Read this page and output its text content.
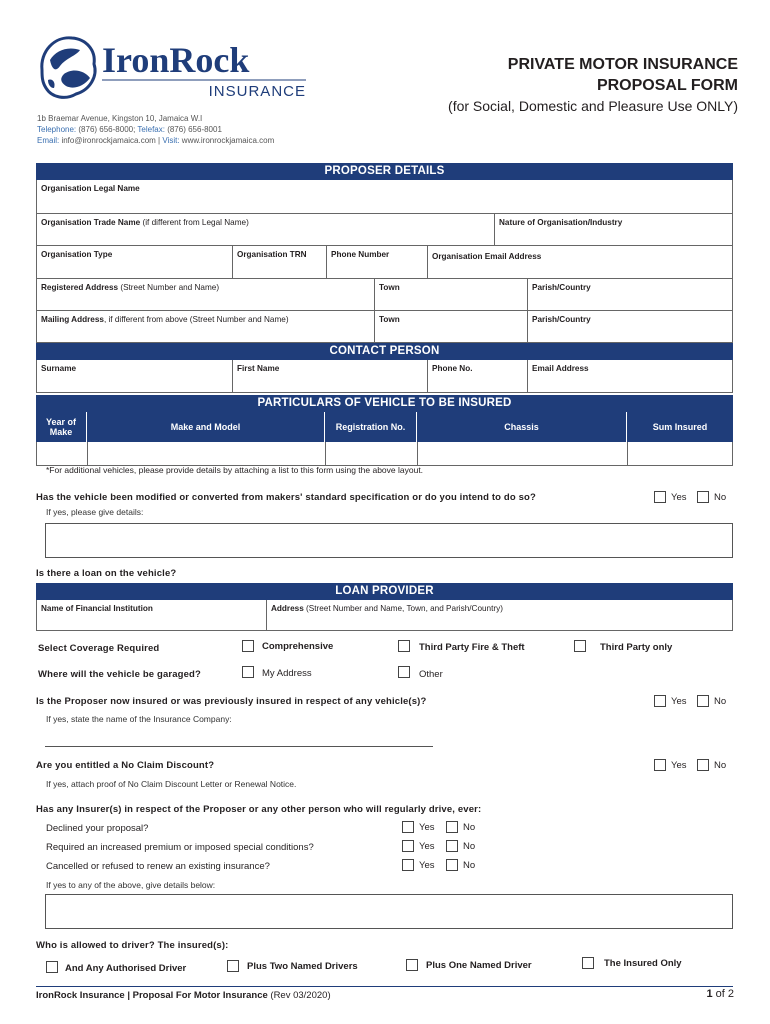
IronRock
INSURANCE
1b Braemar Avenue, Kingston 10, Jamaica W.I
Telephone: (876) 656-8000; Telefax: (876) 656-8001
Email: info@ironrockjamaica.com | Visit: www.ironrockjamaica.com
PRIVATE MOTOR INSURANCE
PROPOSAL FORM
(for Social, Domestic and Pleasure Use ONLY)
PROPOSER DETAILS
Organisation Legal Name
Organisation Trade Name (if different from Legal Name)	Nature of Organisation/Industry
Organisation Type	Organisation TRN	Phone Number	Organisation Email Address
Registered Address (Street Number and Name)	Town	Parish/Country
Mailing Address, if different from above (Street Number and Name)	Town	Parish/Country
CONTACT PERSON
Surname	First Name	Phone No.	Email Address
PARTICULARS OF VEHICLE TO BE INSURED
Year of Make	Make and Model	Registration No.	Chassis	Sum Insured
*For additional vehicles, please provide details by attaching a list to this form using the above layout.
Has the vehicle been modified or converted from makers' standard specification or do you intend to do so?	Yes	No
If yes, please give details:
Is there a loan on the vehicle?
LOAN PROVIDER
Name of Financial Institution	Address (Street Number and Name, Town, and Parish/Country)
Select Coverage Required	Comprehensive	Third Party Fire & Theft	Third Party only
Where will the vehicle be garaged?	My Address	Other
Is the Proposer now insured or was previously insured in respect of any vehicle(s)?	Yes	No
If yes, state the name of the Insurance Company:
Are you entitled a No Claim Discount?	Yes	No
If yes, attach proof of No Claim Discount Letter or Renewal Notice.
Has any Insurer(s) in respect of the Proposer or any other person who will regularly drive, ever:
Declined your proposal?	Yes	No
Required an increased premium or imposed special conditions?	Yes	No
Cancelled or refused to renew an existing insurance?	Yes	No
If yes to any of the above, give details below:
Who is allowed to driver? The insured(s):
And Any Authorised Driver	Plus Two Named Drivers	Plus One Named Driver	The Insured Only
IronRock Insurance | Proposal For Motor Insurance (Rev 03/2020)	1 of 2
